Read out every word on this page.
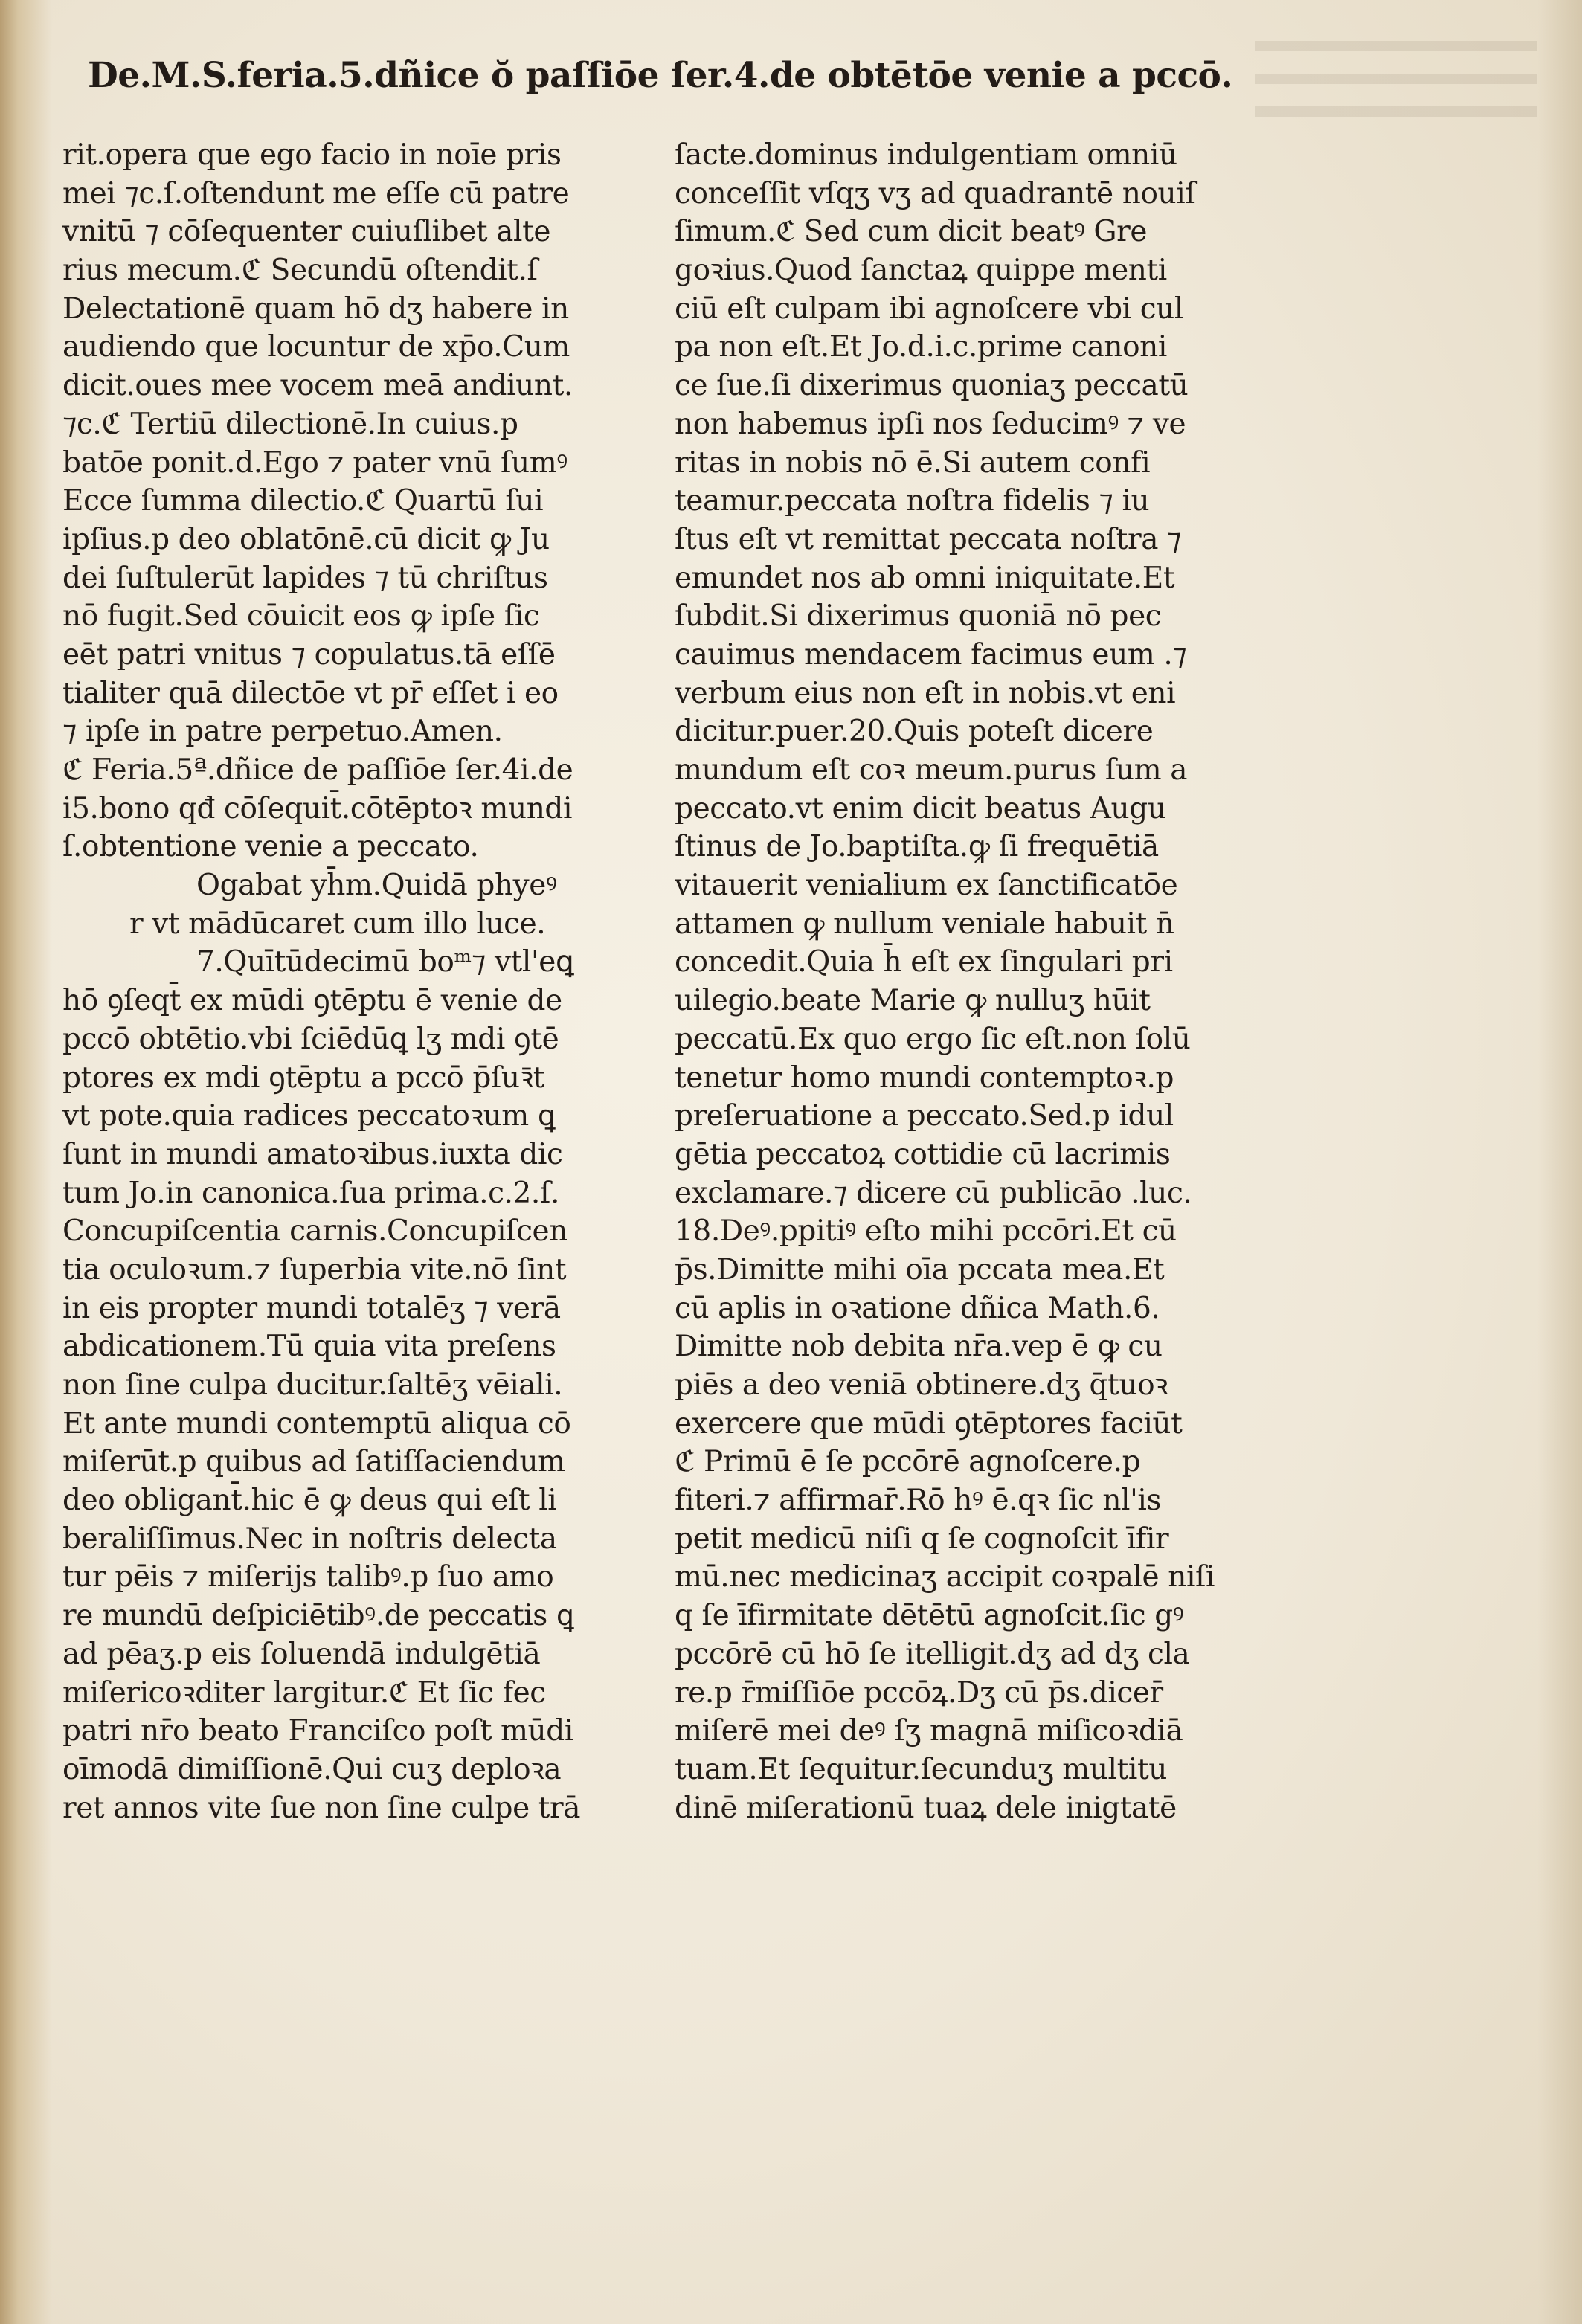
De.M.S.feria.5.dñice ŏ paſſiōe ſer.4.de obtētōe venie a pccō.
rit.opera que ego facio in noīe pris
mei ⁊c.ſ.oſtendunt me eſſe cū patre
vnitū ⁊ cōſequenter cuiuſlibet alte
rius mecum.ℭ Secundū oſtendit.ſ
Delectationē quam hō dʒ habere in
audiendo que locuntur de xp̄o.Cum
dicit.oues mee vocem meā andiunt.
⁊c.ℭ Tertiū dilectionē.In cuius.p
batōe ponit.d.Ego ⁊ pater vnū ſumꝰ
Ecce ſumma dilectio.ℭ Quartū ſui
ipſius.p deo oblatōnē.cū dicit ꝙ Ju
dei ſuſtulerūt lapides ⁊ tū chriſtus
nō fugit.Sed cōuicit eos ꝙ ipſe ſic
eēt patri vnitus ⁊ copulatus.tā eſſē
tialiter quā dilectōe vt pr̄ eſſet i eo
⁊ ipſe in patre perpetuo.Amen.
ℭ Feria.5ª.dñice de paſſiōe ſer.4i.de
i5.bono qđ cōſequit̄.cōtēptoꝛ mundi
ſ.obtentione venie a peccato.
Ogabat yh̄m.Quidā phyeꝰ
r vt mādūcaret cum illo luce.
7.Quītūdecimū boᵐ⁊ vtl'eꝗ
hō ꝯſeqt̄ ex mūdi ꝯtēptu ē venie de
pccō obtētio.vbi ſciēdūꝗ lʒ mdi ꝯtē
ptores ex mdi ꝯtēptu a pccō p̄ſuꝛ̄t
vt pote.quia radices peccatoꝛum ꝗ
ſunt in mundi amatoꝛibus.iuxta dic
tum Jo.in canonica.ſua prima.c.2.ſ.
Concupiſcentia carnis.Concupiſcen
tia oculoꝛum.⁊ ſuperbia vite.nō ſint
in eis propter mundi totalēʒ ⁊ verā
abdicationem.Tū quia vita preſens
non ſine culpa ducitur.ſaltēʒ vēiali.
Et ante mundi contemptū aliqua cō
miſerūt.p quibus ad ſatiſſaciendum
deo obligant̄.hic ē ꝙ deus qui eſt li
beraliſſimus.Nec in noſtris delecta
tur pēis ⁊ miſerijs talibꝰ.p ſuo amo
re mundū deſpiciētibꝰ.de peccatis ꝗ
ad pēaʒ.p eis ſoluendā indulgētiā
miſericoꝛditer largitur.ℭ Et ſic fec
patri nr̄o beato Franciſco poſt mūdi
oīmodā dimiſſionē.Qui cuʒ deploꝛa
ret annos vite ſue non ſine culpe trā
ſacte.dominus indulgentiam omniū
conceſſit vſqʒ vʒ ad quadrantē nouiſ
ſimum.ℭ Sed cum dicit beatꝰ Gre
goꝛius.Quod ſanctaꝝ quippe menti
ciū eſt culpam ibi agnoſcere vbi cul
pa non eſt.Et Jo.d.i.c.prime canoni
ce ſue.ſi dixerimus quoniaʒ peccatū
non habemus ipſi nos ſeducimꝰ ⁊ ve
ritas in nobis nō ē.Si autem confi
teamur.peccata noſtra fidelis ⁊ iu
ſtus eſt vt remittat peccata noſtra ⁊
emundet nos ab omni iniquitate.Et
ſubdit.Si dixerimus quoniā nō pec
cauimus mendacem facimus eum .⁊
verbum eius non eſt in nobis.vt eni
dicitur.puer.20.Quis poteſt dicere
mundum eſt coꝛ meum.purus ſum a
peccato.vt enim dicit beatus Augu
ſtinus de Jo.baptiſta.ꝙ ſi frequētiā
vitauerit venialium ex ſanctificatōe
attamen ꝙ nullum veniale habuit n̄
concedit.Quia h̄ eſt ex ſingulari pri
uilegio.beate Marie ꝙ nulluʒ hūit
peccatū.Ex quo ergo ſic eſt.non ſolū
tenetur homo mundi contemptoꝛ.p
preſeruatione a peccato.Sed.p idul
gētia peccatoꝝ cottidie cū lacrimis
exclamare.⁊ dicere cū publicāo .luc.
18.Deꝰ.ppitiꝰ eſto mihi pccōri.Et cū
p̄s.Dimitte mihi oīa pccata mea.Et
cū aplis in oꝛatione dñica Math.6.
Dimitte nob debita nr̄a.vep ē ꝙ cu
piēs a deo veniā obtinere.dʒ q̄tuoꝛ
exercere que mūdi ꝯtēptores faciūt
ℭ Primū ē ſe pccōrē agnoſcere.p
fiteri.⁊ affirmar̄.Rō hꝰ ē.qꝛ ſic nl'is
petit medicū niſi q ſe cognoſcit īfir
mū.nec medicinaʒ accipit coꝛpalē niſi
q ſe īfirmitate dētētū agnoſcit.ſic gꝰ
pccōrē cū hō ſe itelligit.dʒ ad dʒ cla
re.p r̄miſſiōe pccōꝝ.Dʒ cū p̄s.dicer̄
miſerē mei deꝰ ſʒ magnā miſicoꝛdiā
tuam.Et ſequitur.ſecunduʒ multitu
dinē miſerationū tuaꝝ dele inigtatē
